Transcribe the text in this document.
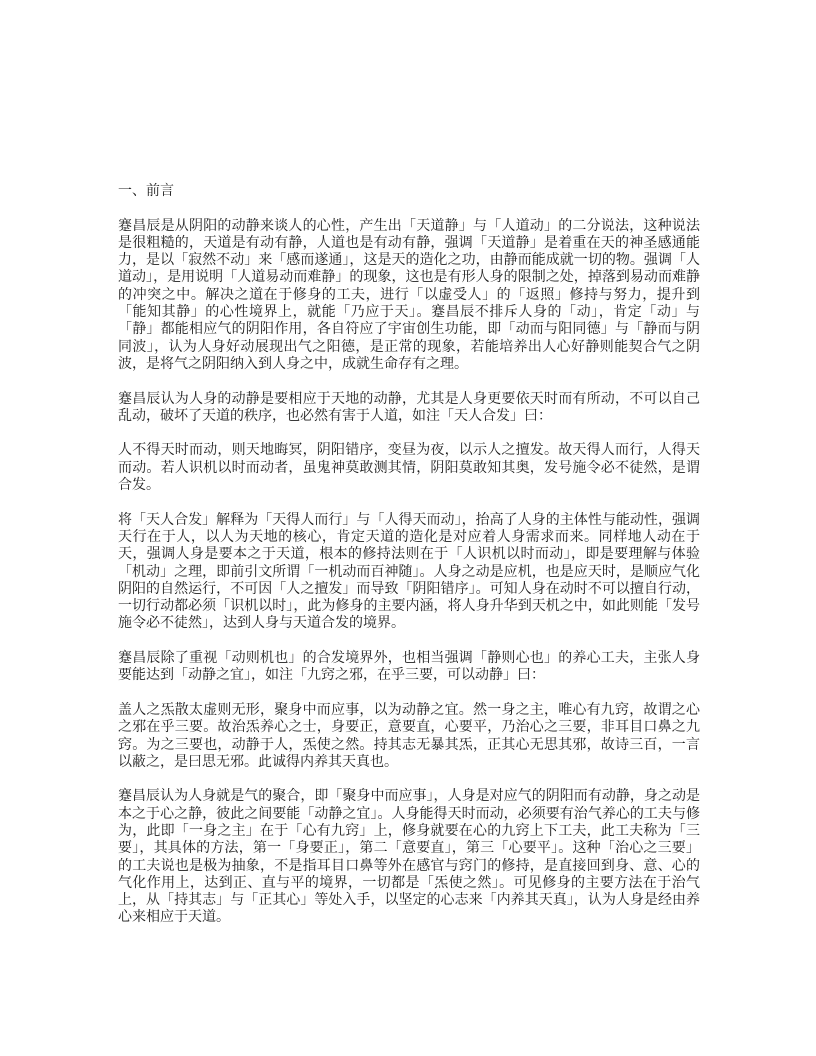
一、前言

蹇昌辰是从阴阳的动静来谈人的心性，产生出「天道静」与「人道动」的二分说法，这种说法是很粗糙的，天道是有动有静，人道也是有动有静，强调「天道静」是着重在天的神圣感通能力，是以「寂然不动」来「感而遂通」，这是天的造化之功，由静而能成就一切的物。强调「人道动」，是用说明「人道易动而难静」的现象，这也是有形人身的限制之处，掉落到易动而难静的冲突之中。解决之道在于修身的工夫，进行「以虚受人」的「返照」修持与努力，提升到「能知其静」的心性境界上，就能「乃应于天」。蹇昌辰不排斥人身的「动」，肯定「动」与「静」都能相应气的阴阳作用，各自符应了宇宙创生功能，即「动而与阳同德」与「静而与阴同波」，认为人身好动展现出气之阳德，是正常的现象，若能培养出人心好静则能契合气之阴波，是将气之阴阳纳入到人身之中，成就生命存有之理。

蹇昌辰认为人身的动静是要相应于天地的动静，尤其是人身更要依天时而有所动，不可以自己乱动，破坏了天道的秩序，也必然有害于人道，如注「天人合发」曰：

人不得天时而动，则天地晦冥，阴阳错序，变昼为夜，以示人之擅发。故天得人而行，人得天而动。若人识机以时而动者，虽鬼神莫敢测其情，阴阳莫敢知其奥，发号施令必不徒然，是谓合发。

将「天人合发」解释为「天得人而行」与「人得天而动」，抬高了人身的主体性与能动性，强调天行在于人，以人为天地的核心，肯定天道的造化是对应着人身需求而来。同样地人动在于天，强调人身是要本之于天道，根本的修持法则在于「人识机以时而动」，即是要理解与体验「机动」之理，即前引文所谓「一机动而百神随」。人身之动是应机，也是应天时，是顺应气化阴阳的自然运行，不可因「人之擅发」而导致「阴阳错序」。可知人身在动时不可以擅自行动，一切行动都必须「识机以时」，此为修身的主要内涵，将人身升华到天机之中，如此则能「发号施令必不徒然」，达到人身与天道合发的境界。

蹇昌辰除了重视「动则机也」的合发境界外，也相当强调「静则心也」的养心工夫，主张人身要能达到「动静之宜」，如注「九窍之邪，在乎三要，可以动静」曰：

盖人之炁散太虚则无形，聚身中而应事，以为动静之宜。然一身之主，唯心有九窍，故谓之心之邪在乎三要。故治炁养心之士，身要正，意要直，心要平，乃治心之三要，非耳目口鼻之九窍。为之三要也，动静于人，炁使之然。持其志无暴其炁，正其心无思其邪，故诗三百，一言以蔽之，是曰思无邪。此诚得内养其天真也。

蹇昌辰认为人身就是气的聚合，即「聚身中而应事」，人身是对应气的阴阳而有动静，身之动是本之于心之静，彼此之间要能「动静之宜」。人身能得天时而动，必须要有治气养心的工夫与修为，此即「一身之主」在于「心有九窍」上，修身就要在心的九窍上下工夫，此工夫称为「三要」，其具体的方法，第一「身要正」，第二「意要直」，第三「心要平」。这种「治心之三要」的工夫说也是极为抽象，不是指耳目口鼻等外在感官与窍门的修持，是直接回到身、意、心的气化作用上，达到正、直与平的境界，一切都是「炁使之然」。可见修身的主要方法在于治气上，从「持其志」与「正其心」等处入手，以坚定的心志来「内养其天真」，认为人身是经由养心来相应于天道。
